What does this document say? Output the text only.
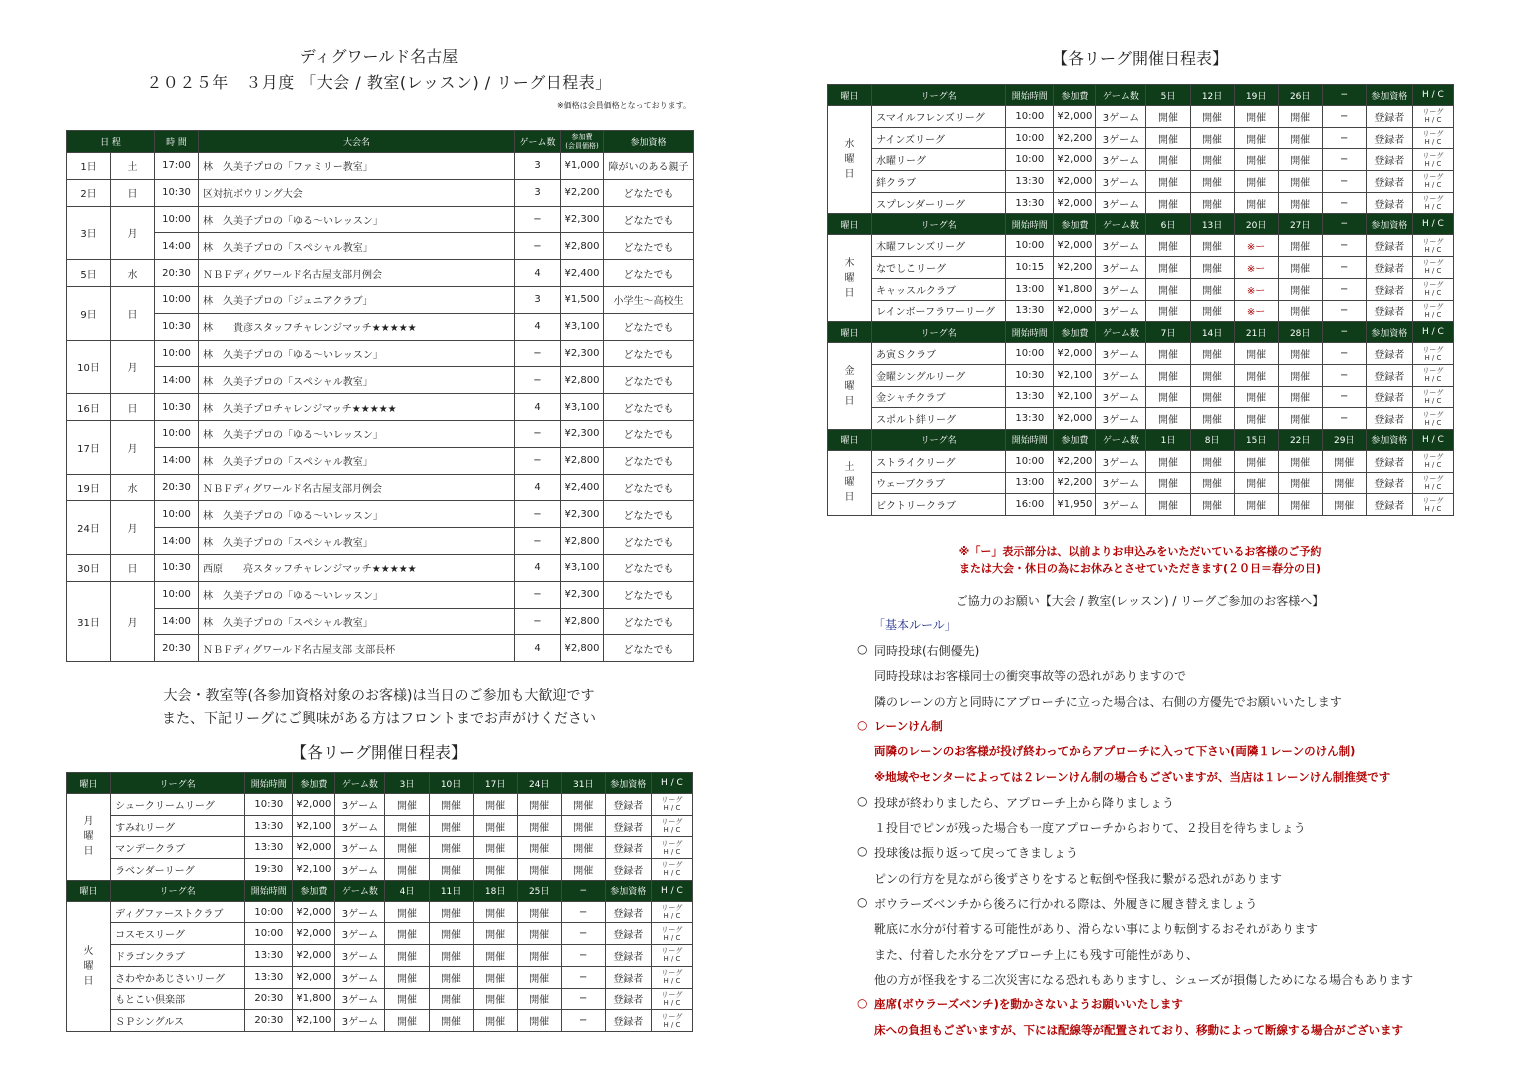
ディグワールド名古屋
２０２５年　３月度 「大会 / 教室(レッスン) / リーグ日程表」
※価格は会員価格となっております。
日 程		時 間	大会名	ゲーム数	参加費
(会員価格)	参加資格
1日	土	17:00	林　久美子プロの「ファミリー教室」	3	¥1,000	障がいのある親子
2日	日	10:30	区対抗ボウリング大会	3	¥2,200	どなたでも
3日	月	10:00	林　久美子プロの「ゆる〜いレッスン」	−	¥2,300	どなたでも
		14:00	林　久美子プロの「スペシャル教室」	−	¥2,800	どなたでも
5日	水	20:30	ＮＢＦディグワールド名古屋支部月例会	4	¥2,400	どなたでも
9日	日	10:00	林　久美子プロの「ジュニアクラブ」	3	¥1,500	小学生〜高校生
		10:30	林　　貴彦スタッフチャレンジマッチ★★★★★	4	¥3,100	どなたでも
10日	月	10:00	林　久美子プロの「ゆる〜いレッスン」	−	¥2,300	どなたでも
		14:00	林　久美子プロの「スペシャル教室」	−	¥2,800	どなたでも
16日	日	10:30	林　久美子プロチャレンジマッチ★★★★★	4	¥3,100	どなたでも
17日	月	10:00	林　久美子プロの「ゆる〜いレッスン」	−	¥2,300	どなたでも
		14:00	林　久美子プロの「スペシャル教室」	−	¥2,800	どなたでも
19日	水	20:30	ＮＢＦディグワールド名古屋支部月例会	4	¥2,400	どなたでも
24日	月	10:00	林　久美子プロの「ゆる〜いレッスン」	−	¥2,300	どなたでも
		14:00	林　久美子プロの「スペシャル教室」	−	¥2,800	どなたでも
30日	日	10:30	西原　　亮スタッフチャレンジマッチ★★★★★	4	¥3,100	どなたでも
31日	月	10:00	林　久美子プロの「ゆる〜いレッスン」	−	¥2,300	どなたでも
		14:00	林　久美子プロの「スペシャル教室」	−	¥2,800	どなたでも
		20:30	ＮＢＦディグワールド名古屋支部 支部長杯	4	¥2,800	どなたでも
大会・教室等(各参加資格対象のお客様)は当日のご参加も大歓迎です
また、下記リーグにご興味がある方はフロントまでお声がけください
【各リーグ開催日程表】
曜日	リーグ名	開始時間	参加費	ゲーム数	3日	10日	17日	24日	31日	参加資格	H / C
月
曜
日	シュークリームリーグ	10:30	¥2,000	3ゲーム	開催	開催	開催	開催	開催	登録者	リーグ
H / C
	すみれリーグ	13:30	¥2,100	3ゲーム	開催	開催	開催	開催	開催	登録者	リーグ
H / C
	マンデークラブ	13:30	¥2,000	3ゲーム	開催	開催	開催	開催	開催	登録者	リーグ
H / C
	ラベンダーリーグ	19:30	¥2,100	3ゲーム	開催	開催	開催	開催	開催	登録者	リーグ
H / C
曜日	リーグ名	開始時間	参加費	ゲーム数	4日	11日	18日	25日	−	参加資格	H / C
火
曜
日	ディグファーストクラブ	10:00	¥2,000	3ゲーム	開催	開催	開催	開催	−	登録者	リーグ
H / C
	コスモスリーグ	10:00	¥2,000	3ゲーム	開催	開催	開催	開催	−	登録者	リーグ
H / C
	ドラゴンクラブ	13:30	¥2,000	3ゲーム	開催	開催	開催	開催	−	登録者	リーグ
H / C
	さわやかあじさいリーグ	13:30	¥2,000	3ゲーム	開催	開催	開催	開催	−	登録者	リーグ
H / C
	もとこい倶楽部	20:30	¥1,800	3ゲーム	開催	開催	開催	開催	−	登録者	リーグ
H / C
	ＳＰシングルス	20:30	¥2,100	3ゲーム	開催	開催	開催	開催	−	登録者	リーグ
H / C
【各リーグ開催日程表】
曜日	リーグ名	開始時間	参加費	ゲーム数	5日	12日	19日	26日	−	参加資格	H / C
水
曜
日	スマイルフレンズリーグ	10:00	¥2,000	3ゲーム	開催	開催	開催	開催	−	登録者	リーグ
H / C
	ナインズリーグ	10:00	¥2,200	3ゲーム	開催	開催	開催	開催	−	登録者	リーグ
H / C
	水曜リーグ	10:00	¥2,000	3ゲーム	開催	開催	開催	開催	−	登録者	リーグ
H / C
	絆クラブ	13:30	¥2,000	3ゲーム	開催	開催	開催	開催	−	登録者	リーグ
H / C
	スプレンダーリーグ	13:30	¥2,000	3ゲーム	開催	開催	開催	開催	−	登録者	リーグ
H / C
曜日	リーグ名	開始時間	参加費	ゲーム数	6日	13日	20日	27日	−	参加資格	H / C
木
曜
日	木曜フレンズリーグ	10:00	¥2,000	3ゲーム	開催	開催	※ー	開催	−	登録者	リーグ
H / C
	なでしこリーグ	10:15	¥2,200	3ゲーム	開催	開催	※ー	開催	−	登録者	リーグ
H / C
	キャッスルクラブ	13:00	¥1,800	3ゲーム	開催	開催	※ー	開催	−	登録者	リーグ
H / C
	レインボーフラワーリーグ	13:30	¥2,000	3ゲーム	開催	開催	※ー	開催	−	登録者	リーグ
H / C
曜日	リーグ名	開始時間	参加費	ゲーム数	7日	14日	21日	28日	−	参加資格	H / C
金
曜
日	あ寅Ｓクラブ	10:00	¥2,000	3ゲーム	開催	開催	開催	開催	−	登録者	リーグ
H / C
	金曜シングルリーグ	10:30	¥2,100	3ゲーム	開催	開催	開催	開催	−	登録者	リーグ
H / C
	金シャチクラブ	13:30	¥2,100	3ゲーム	開催	開催	開催	開催	−	登録者	リーグ
H / C
	スポルト絆リーグ	13:30	¥2,000	3ゲーム	開催	開催	開催	開催	−	登録者	リーグ
H / C
曜日	リーグ名	開始時間	参加費	ゲーム数	1日	8日	15日	22日	29日	参加資格	H / C
土
曜
日	ストライクリーグ	10:00	¥2,200	3ゲーム	開催	開催	開催	開催	開催	登録者	リーグ
H / C
	ウェーブクラブ	13:00	¥2,200	3ゲーム	開催	開催	開催	開催	開催	登録者	リーグ
H / C
	ビクトリークラブ	16:00	¥1,950	3ゲーム	開催	開催	開催	開催	開催	登録者	リーグ
H / C
※「ー」表示部分は、以前よりお申込みをいただいているお客様のご予約
または大会・休日の為にお休みとさせていただきます(２０日＝春分の日)
ご協力のお願い【大会 / 教室(レッスン) / リーグご参加のお客様へ】
「基本ルール」
○ 同時投球(右側優先)
同時投球はお客様同士の衝突事故等の恐れがありますので
隣のレーンの方と同時にアプローチに立った場合は、右側の方優先でお願いいたします
○ レーンけん制
両隣のレーンのお客様が投げ終わってからアプローチに入って下さい(両隣１レーンのけん制)
※地域やセンターによっては２レーンけん制の場合もございますが、当店は１レーンけん制推奨です
○ 投球が終わりましたら、アプローチ上から降りましょう
１投目でピンが残った場合も一度アプローチからおりて、２投目を待ちましょう
○ 投球後は振り返って戻ってきましょう
ピンの行方を見ながら後ずさりをすると転倒や怪我に繋がる恐れがあります
○ ボウラーズベンチから後ろに行かれる際は、外履きに履き替えましょう
靴底に水分が付着する可能性があり、滑らない事により転倒するおそれがあります
また、付着した水分をアプローチ上にも残す可能性があり、
他の方が怪我をする二次災害になる恐れもありますし、シューズが損傷しためになる場合もあります
○ 座席(ボウラーズベンチ)を動かさないようお願いいたします
床への負担もございますが、下には配線等が配置されており、移動によって断線する場合がございます
